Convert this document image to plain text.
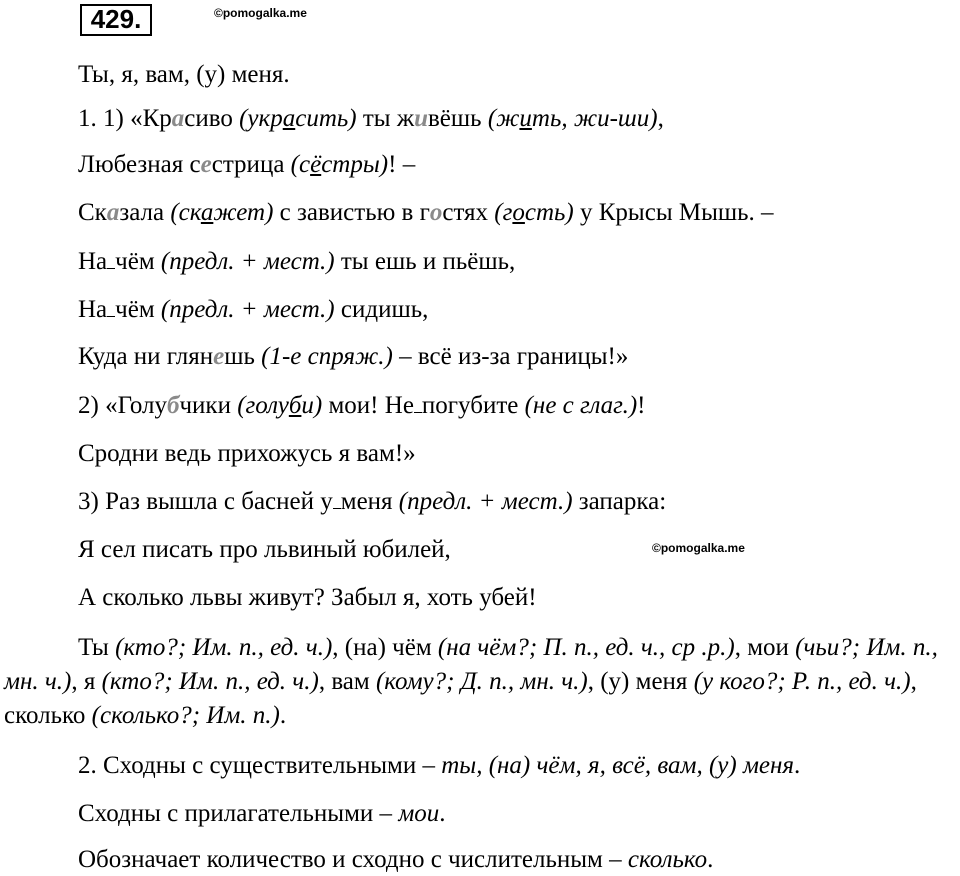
429.	©pomogalka.me
Ты, я, вам, (у) меня.
1. 1) «Красиво (украсить) ты живёшь (жить, жи-ши),
Любезная сестрица (сёстры)! –
Сказала (скажет) с завистью в гостях (гость) у Крысы Мышь. –
На чём (предл. + мест.) ты ешь и пьёшь,
На чём (предл. + мест.) сидишь,
Куда ни глянешь (1-е спряж.) – всё из-за границы!»
2) «Голубчики (голуби) мои! Не погубите (не с глаг.)!
Сродни ведь прихожусь я вам!»
3) Раз вышла с басней у меня (предл. + мест.) запарка:
Я сел писать про львиный юбилей,	©pomogalka.me
А сколько львы живут? Забыл я, хоть убей!
Ты (кто?; Им. п., ед. ч.), (на) чём (на чём?; П. п., ед. ч., ср .р.), мои (чьи?; Им. п., мн. ч.), я (кто?; Им. п., ед. ч.), вам (кому?; Д. п., мн. ч.), (у) меня (у кого?; Р. п., ед. ч.), сколько (сколько?; Им. п.).
2. Сходны с существительными – ты, (на) чём, я, всё, вам, (у) меня.
Сходны с прилагательными – мои.
Обозначает количество и сходно с числительным – сколько.
